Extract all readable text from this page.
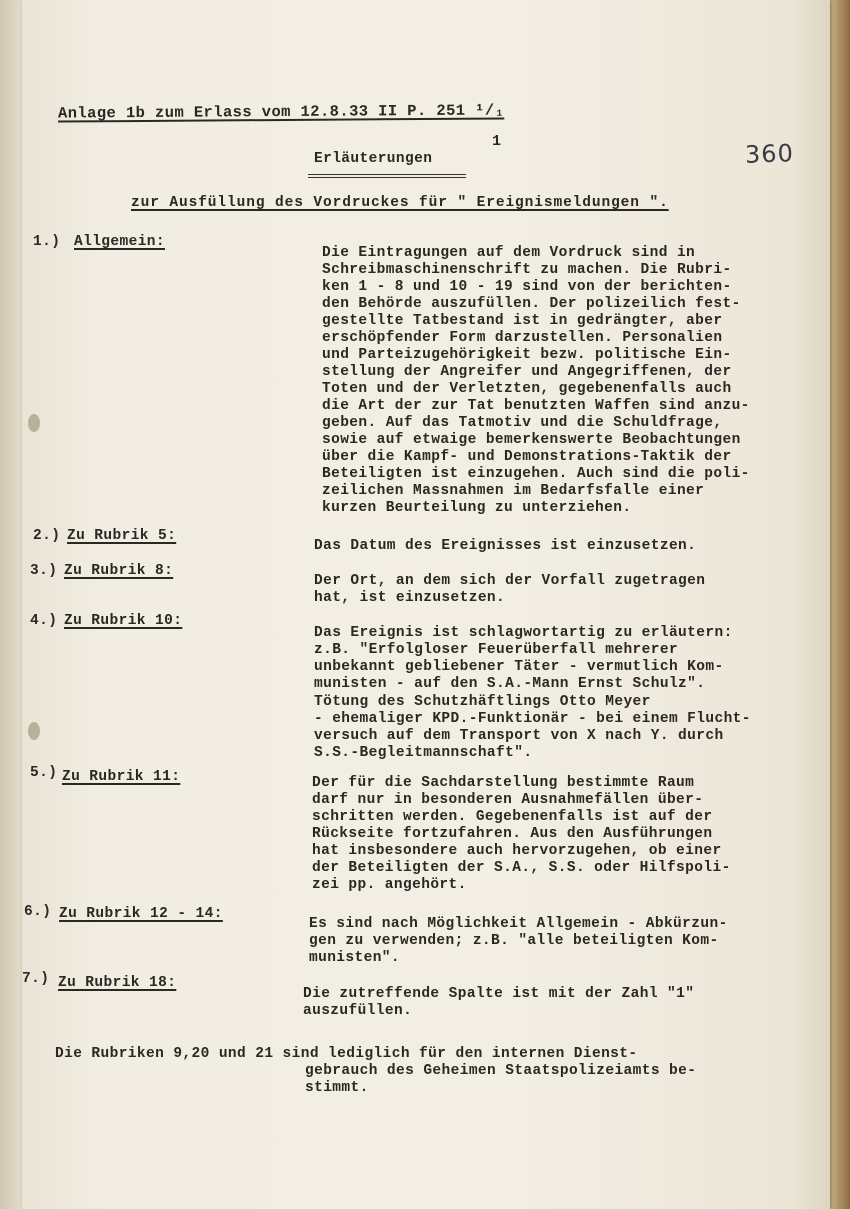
Anlage 1b zum Erlass vom 12.8.33 II P. 251 ¹/₁
1	360
Erläuterungen
zur Ausfüllung des Vordruckes für " Ereignismeldungen ".
1.) Allgemein:
Die Eintragungen auf dem Vordruck sind in
Schreibmaschinenschrift zu machen. Die Rubri-
ken 1 - 8 und 10 - 19 sind von der berichten-
den Behörde auszufüllen. Der polizeilich fest-
gestellte Tatbestand ist in gedrängter, aber
erschöpfender Form darzustellen. Personalien
und Parteizugehörigkeit bezw. politische Ein-
stellung der Angreifer und Angegriffenen, der
Toten und der Verletzten, gegebenenfalls auch
die Art der zur Tat benutzten Waffen sind anzu-
geben. Auf das Tatmotiv und die Schuldfrage,
sowie auf etwaige bemerkenswerte Beobachtungen
über die Kampf- und Demonstrations-Taktik der
Beteiligten ist einzugehen. Auch sind die poli-
zeilichen Massnahmen im Bedarfsfalle einer
kurzen Beurteilung zu unterziehen.
2.) Zu Rubrik 5:
Das Datum des Ereignisses ist einzusetzen.
3.) Zu Rubrik 8:
Der Ort, an dem sich der Vorfall zugetragen
hat, ist einzusetzen.
4.) Zu Rubrik 10:
Das Ereignis ist schlagwortartig zu erläutern:
z.B. "Erfolgloser Feuerüberfall mehrerer
unbekannt gebliebener Täter - vermutlich Kom-
munisten - auf den S.A.-Mann Ernst Schulz".
Tötung des Schutzhäftlings Otto Meyer
- ehemaliger KPD.-Funktionär - bei einem Flucht-
versuch auf dem Transport von X nach Y. durch
S.S.-Begleitmannschaft".
5.) Zu Rubrik 11:	Der für die Sachdarstellung bestimmte Raum
darf nur in besonderen Ausnahmefällen über-
schritten werden. Gegebenenfalls ist auf der
Rückseite fortzufahren. Aus den Ausführungen
hat insbesondere auch hervorzugehen, ob einer
der Beteiligten der S.A., S.S. oder Hilfspoli-
zei pp. angehört.
6.) Zu Rubrik 12 - 14:
Es sind nach Möglichkeit Allgemein - Abkürzun-
gen zu verwenden; z.B. "alle beteiligten Kom-
munisten".
7.) Zu Rubrik 18:
Die zutreffende Spalte ist mit der Zahl "1"
auszufüllen.
Die Rubriken 9,20 und 21 sind lediglich für den internen Dienst-
gebrauch des Geheimen Staatspolizeiamts be-
stimmt.
